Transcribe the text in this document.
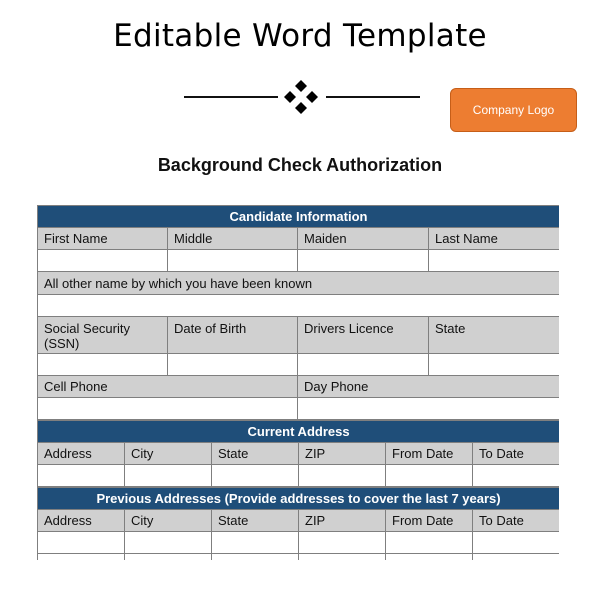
Editable Word Template
Company Logo
Background Check Authorization
Candidate Information			
First Name	Middle	Maiden	Last Name

All other name by which you have been known			

Social Security (SSN)	Date of Birth	Drivers Licence	State

Cell Phone		Day Phone	

Current Address					
Address	City	State	ZIP	From Date	To Date

Previous Addresses (Provide addresses to cover the last 7 years)					
Address	City	State	ZIP	From Date	To Date
